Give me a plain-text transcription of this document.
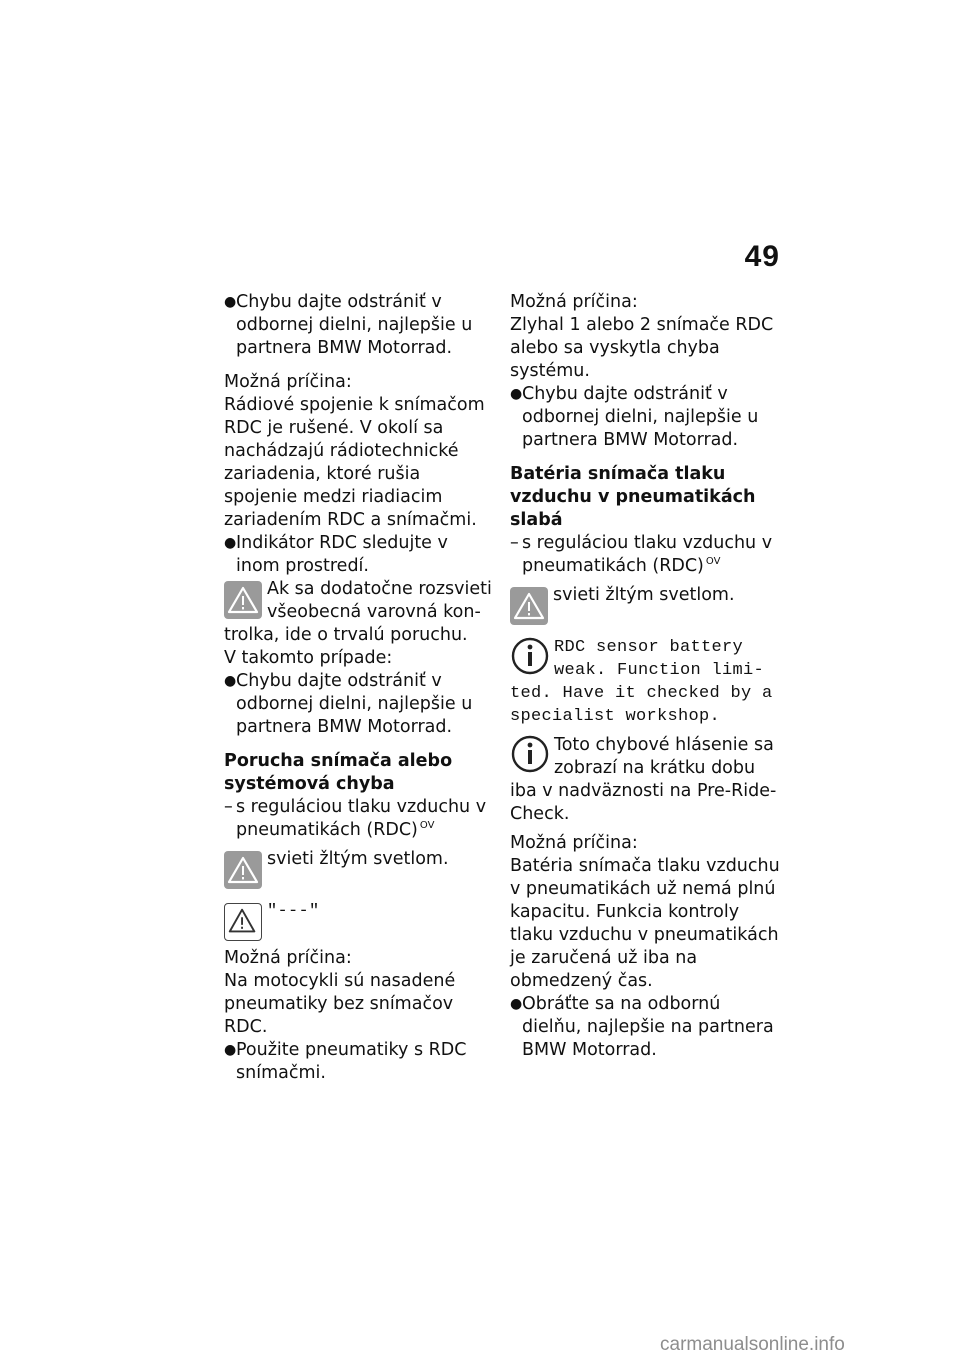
49
● Chybu dajte odstrániť v odbornej dielni, najlepšie u partnera BMW Motorrad.

Možná príčina:

Rádiové spojenie k snímačom RDC je rušené. V okolí sa nachádzajú rádiotechnické zariadenia, ktoré rušia spojenie medzi riadiacim zariadením RDC a snímačmi.

● Indikátor RDC sledujte v inom prostredí.

Ak sa dodatočne rozsvieti

všeobecná varovná kon-

trolka, ide o trvalú poruchu.

V takomto prípade:

● Chybu dajte odstrániť v odbornej dielni, najlepšie u partnera BMW Motorrad.

Porucha snímača alebo systémová chyba

– s reguláciou tlaku vzduchu v pneumatikách (RDC) $^{OV}$

svieti žltým svetlom.

"---"

Možná príčina:

Na motocykli sú nasadené pneumatiky bez snímačov RDC.

● Použite pneumatiky s RDC snímačmi.

Možná príčina:

Zlyhal 1 alebo 2 snímače RDC alebo sa vyskytla chyba systému.

● Chybu dajte odstrániť v odbornej dielni, najlepšie u partnera BMW Motorrad.

Batéria snímača tlaku vzduchu v pneumatikách slabá

– s reguláciou tlaku vzduchu v pneumatikách (RDC) $^{OV}$

svieti žltým svetlom.

RDC sensor battery

weak. Function limi-

ted. Have it checked by a

specialist workshop.

Toto chybové hlásenie sa

zobrazí na krátku dobu

iba v nadväznosti na Pre-Ride-Check.

Možná príčina:

Batéria snímača tlaku vzduchu v pneumatikách už nemá plnú kapacitu. Funkcia kontroly tlaku vzduchu v pneumatikách je zaručená už iba na obmedzený čas.

● Obráťte sa na odbornú dielňu, najlepšie na partnera BMW Motorrad.
carmanualsonline.info
